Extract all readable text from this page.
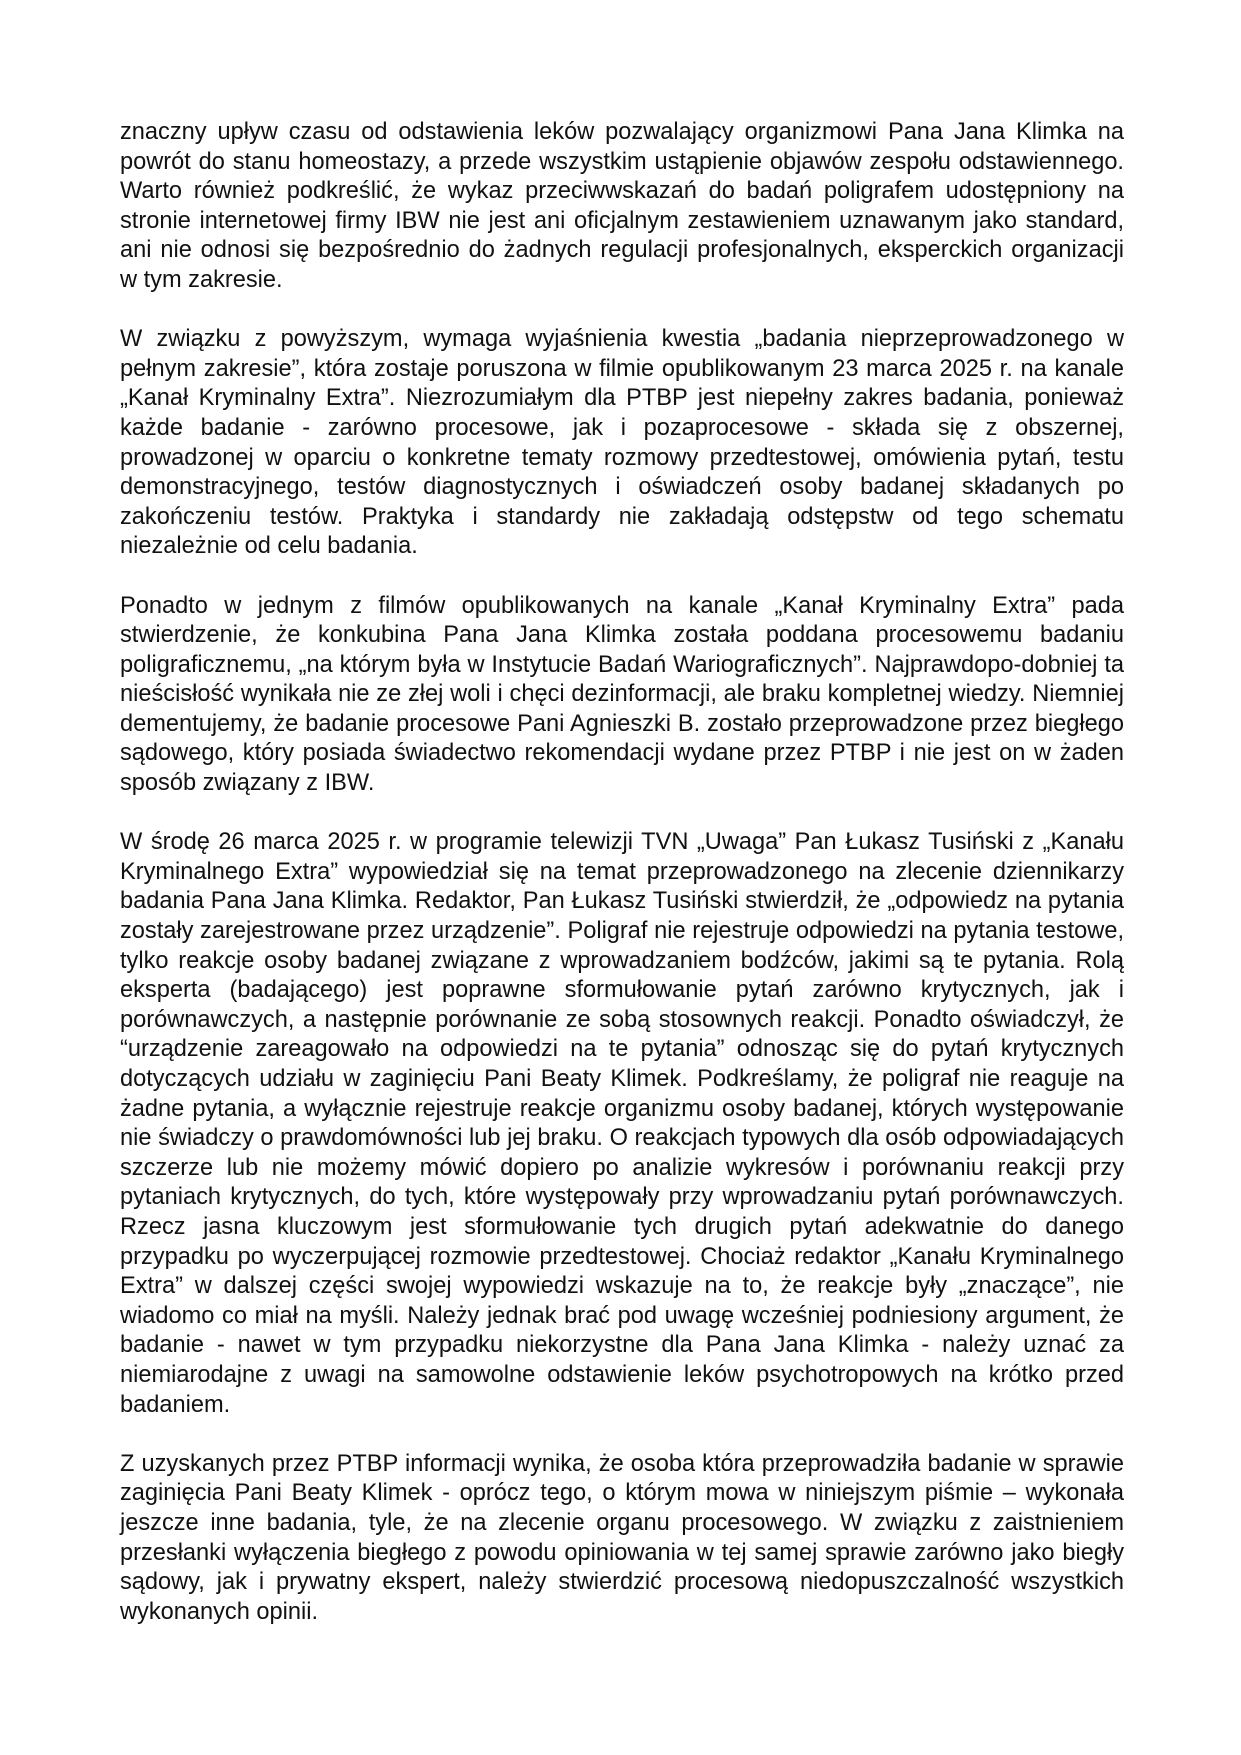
znaczny upływ czasu od odstawienia leków pozwalający organizmowi Pana Jana Klimka na powrót do stanu homeostazy, a przede wszystkim ustąpienie objawów zespołu odstawiennego. Warto również podkreślić, że wykaz przeciwwskazań do badań poligrafem udostępniony na stronie internetowej firmy IBW nie jest ani oficjalnym zestawieniem uznawanym jako standard, ani nie odnosi się bezpośrednio do żadnych regulacji profesjonalnych, eksperckich organizacji w tym zakresie.

W związku z powyższym, wymaga wyjaśnienia kwestia „badania nieprzeprowadzonego w pełnym zakresie”, która zostaje poruszona w filmie opublikowanym 23 marca 2025 r. na kanale „Kanał Kryminalny Extra”. Niezrozumiałym dla PTBP jest niepełny zakres badania, ponieważ każde badanie - zarówno procesowe, jak i pozaprocesowe - składa się z obszernej, prowadzonej w oparciu o konkretne tematy rozmowy przedtestowej, omówienia pytań, testu demonstracyjnego, testów diagnostycznych i oświadczeń osoby badanej składanych po zakończeniu testów. Praktyka i standardy nie zakładają odstępstw od tego schematu niezależnie od celu badania.

Ponadto w jednym z filmów opublikowanych na kanale „Kanał Kryminalny Extra” pada stwierdzenie, że konkubina Pana Jana Klimka została poddana procesowemu badaniu poligraficznemu, „na którym była w Instytucie Badań Wariograficznych”. Najprawdopo-dobniej ta nieścisłość wynikała nie ze złej woli i chęci dezinformacji, ale braku kompletnej wiedzy. Niemniej dementujemy, że badanie procesowe Pani Agnieszki B. zostało przeprowadzone przez biegłego sądowego, który posiada świadectwo rekomendacji wydane przez PTBP i nie jest on w żaden sposób związany z IBW.

W środę 26 marca 2025 r. w programie telewizji TVN „Uwaga” Pan Łukasz Tusiński z „Kanału Kryminalnego Extra” wypowiedział się na temat przeprowadzonego na zlecenie dziennikarzy badania Pana Jana Klimka. Redaktor, Pan Łukasz Tusiński stwierdził, że „odpowiedz na pytania zostały zarejestrowane przez urządzenie”. Poligraf nie rejestruje odpowiedzi na pytania testowe, tylko reakcje osoby badanej związane z wprowadzaniem bodźców, jakimi są te pytania. Rolą eksperta (badającego) jest poprawne sformułowanie pytań zarówno krytycznych, jak i porównawczych, a następnie porównanie ze sobą stosownych reakcji. Ponadto oświadczył, że “urządzenie zareagowało na odpowiedzi na te pytania” odnosząc się do pytań krytycznych dotyczących udziału w zaginięciu Pani Beaty Klimek. Podkreślamy, że poligraf nie reaguje na żadne pytania, a wyłącznie rejestruje reakcje organizmu osoby badanej, których występowanie nie świadczy o prawdomówności lub jej braku. O reakcjach typowych dla osób odpowiadających szczerze lub nie możemy mówić dopiero po analizie wykresów i porównaniu reakcji przy pytaniach krytycznych, do tych, które występowały przy wprowadzaniu pytań porównawczych. Rzecz jasna kluczowym jest sformułowanie tych drugich pytań adekwatnie do danego przypadku po wyczerpującej rozmowie przedtestowej. Chociaż redaktor „Kanału Kryminalnego Extra” w dalszej części swojej wypowiedzi wskazuje na to, że reakcje były „znaczące”, nie wiadomo co miał na myśli. Należy jednak brać pod uwagę wcześniej podniesiony argument, że badanie - nawet w tym przypadku niekorzystne dla Pana Jana Klimka - należy uznać za niemiarodajne z uwagi na samowolne odstawienie leków psychotropowych na krótko przed badaniem.

Z uzyskanych przez PTBP informacji wynika, że osoba która przeprowadziła badanie w sprawie zaginięcia Pani Beaty Klimek - oprócz tego, o którym mowa w niniejszym piśmie – wykonała jeszcze inne badania, tyle, że na zlecenie organu procesowego. W związku z zaistnieniem przesłanki wyłączenia biegłego z powodu opiniowania w tej samej sprawie zarówno jako biegły sądowy, jak i prywatny ekspert, należy stwierdzić procesową niedopuszczalność wszystkich wykonanych opinii.
